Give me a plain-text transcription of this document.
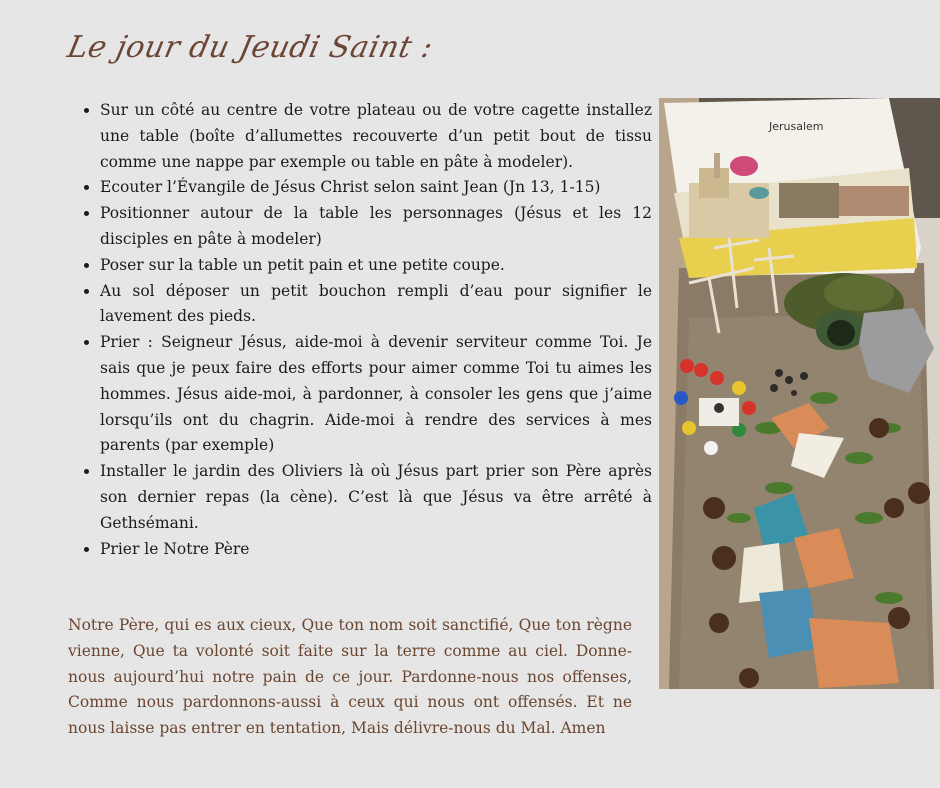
Le jour du Jeudi Saint :
• Sur un côté au centre de votre plateau ou de votre cagette installez une table (boîte d’allumettes recouverte d’un petit bout de tissu comme une nappe par exemple ou table en pâte à modeler).
• Ecouter l’Évangile de Jésus Christ selon saint Jean (Jn 13, 1-15)
• Positionner autour de la table les personnages (Jésus et les 12 disciples en pâte à modeler)
• Poser sur la table un petit pain et une petite coupe.
• Au sol déposer un petit bouchon rempli d’eau pour signifier le lavement des pieds.
• Prier : Seigneur Jésus, aide-moi à devenir serviteur comme Toi. Je sais que je peux faire des efforts pour aimer comme Toi tu aimes les hommes. Jésus aide-moi, à pardonner, à consoler les gens que j’aime lorsqu’ils ont du chagrin. Aide-moi à rendre des services à mes parents (par exemple)
• Installer le jardin des Oliviers là où Jésus part prier son Père après son dernier repas (la cène). C’est là que Jésus va être arrêté à Gethsémani.
• Prier le Notre Père

Notre Père, qui es aux cieux, Que ton nom soit sanctifié, Que ton règne vienne, Que ta volonté soit faite sur la terre comme au ciel. Donne-nous aujourd’hui notre pain de ce jour. Pardonne-nous nos offenses, Comme nous pardonnons-aussi à ceux qui nous ont offensés. Et ne nous laisse pas entrer en tentation, Mais délivre-nous du Mal. Amen

Jerusalem
